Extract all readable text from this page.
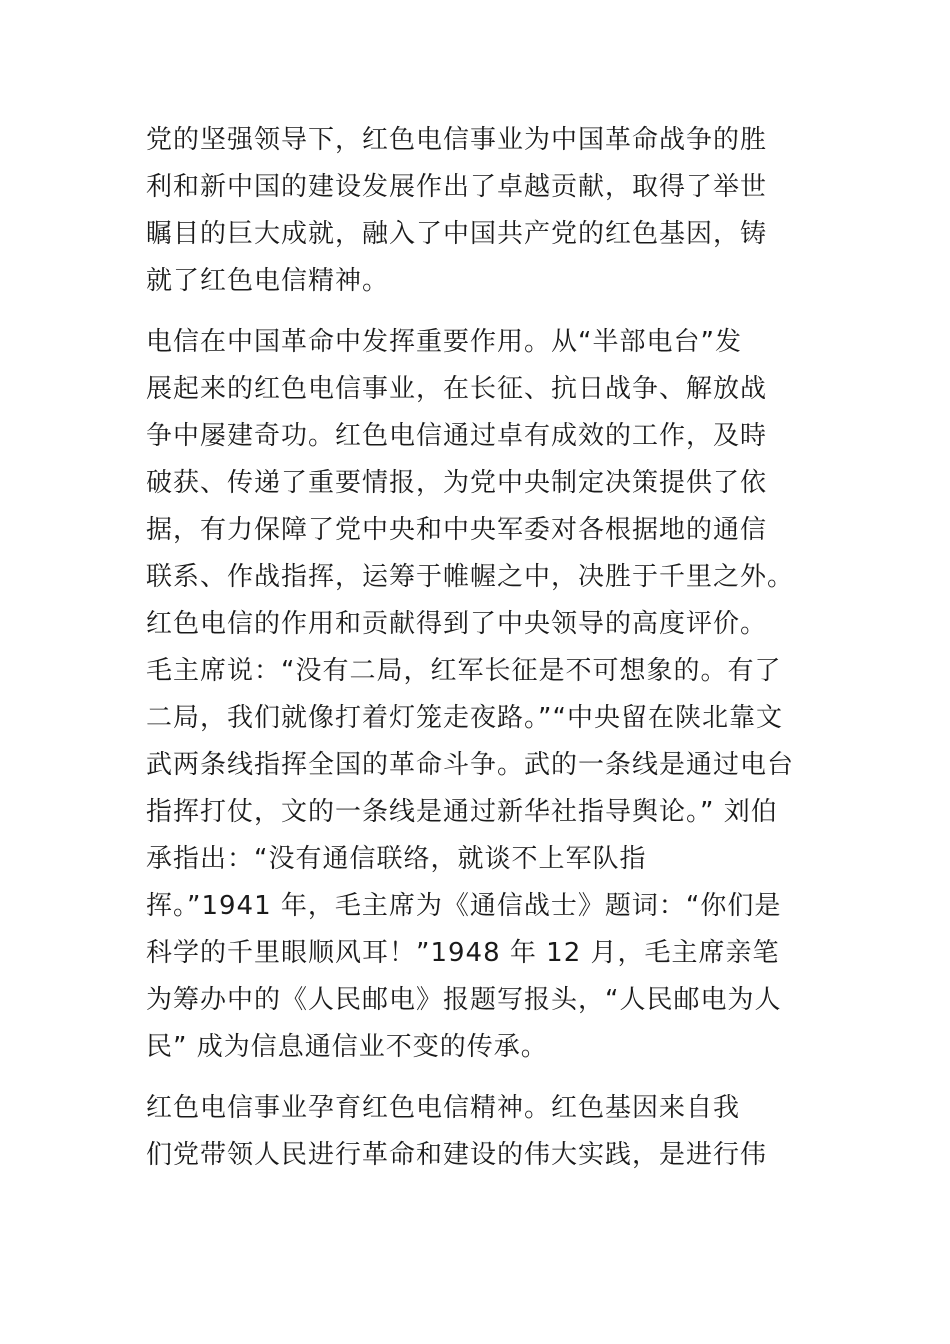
党的坚强领导下，红色电信事业为中国革命战争的胜
利和新中国的建设发展作出了卓越贡献，取得了举世
瞩目的巨大成就，融入了中国共产党的红色基因，铸
就了红色电信精神。
电信在中国革命中发挥重要作用。从“半部电台”发
展起来的红色电信事业，在长征、抗日战争、解放战
争中屡建奇功。红色电信通过卓有成效的工作，及時
破获、传递了重要情报，为党中央制定决策提供了依
据，有力保障了党中央和中央军委对各根据地的通信
联系、作战指挥，运筹于帷幄之中，决胜于千里之外。
红色电信的作用和贡献得到了中央领导的高度评价。
毛主席说：“没有二局，红军长征是不可想象的。有了
二局，我们就像打着灯笼走夜路。”“中央留在陕北靠文
武两条线指挥全国的革命斗争。武的一条线是通过电台
指挥打仗，文的一条线是通过新华社指导舆论。” 刘伯
承指出：“没有通信联络，就谈不上军队指
挥。”1941 年，毛主席为《通信战士》题词：“你们是
科学的千里眼顺风耳！”1948 年 12 月，毛主席亲笔
为筹办中的《人民邮电》报题写报头，“人民邮电为人
民” 成为信息通信业不变的传承。
红色电信事业孕育红色电信精神。红色基因来自我
们党带领人民进行革命和建设的伟大实践，是进行伟
